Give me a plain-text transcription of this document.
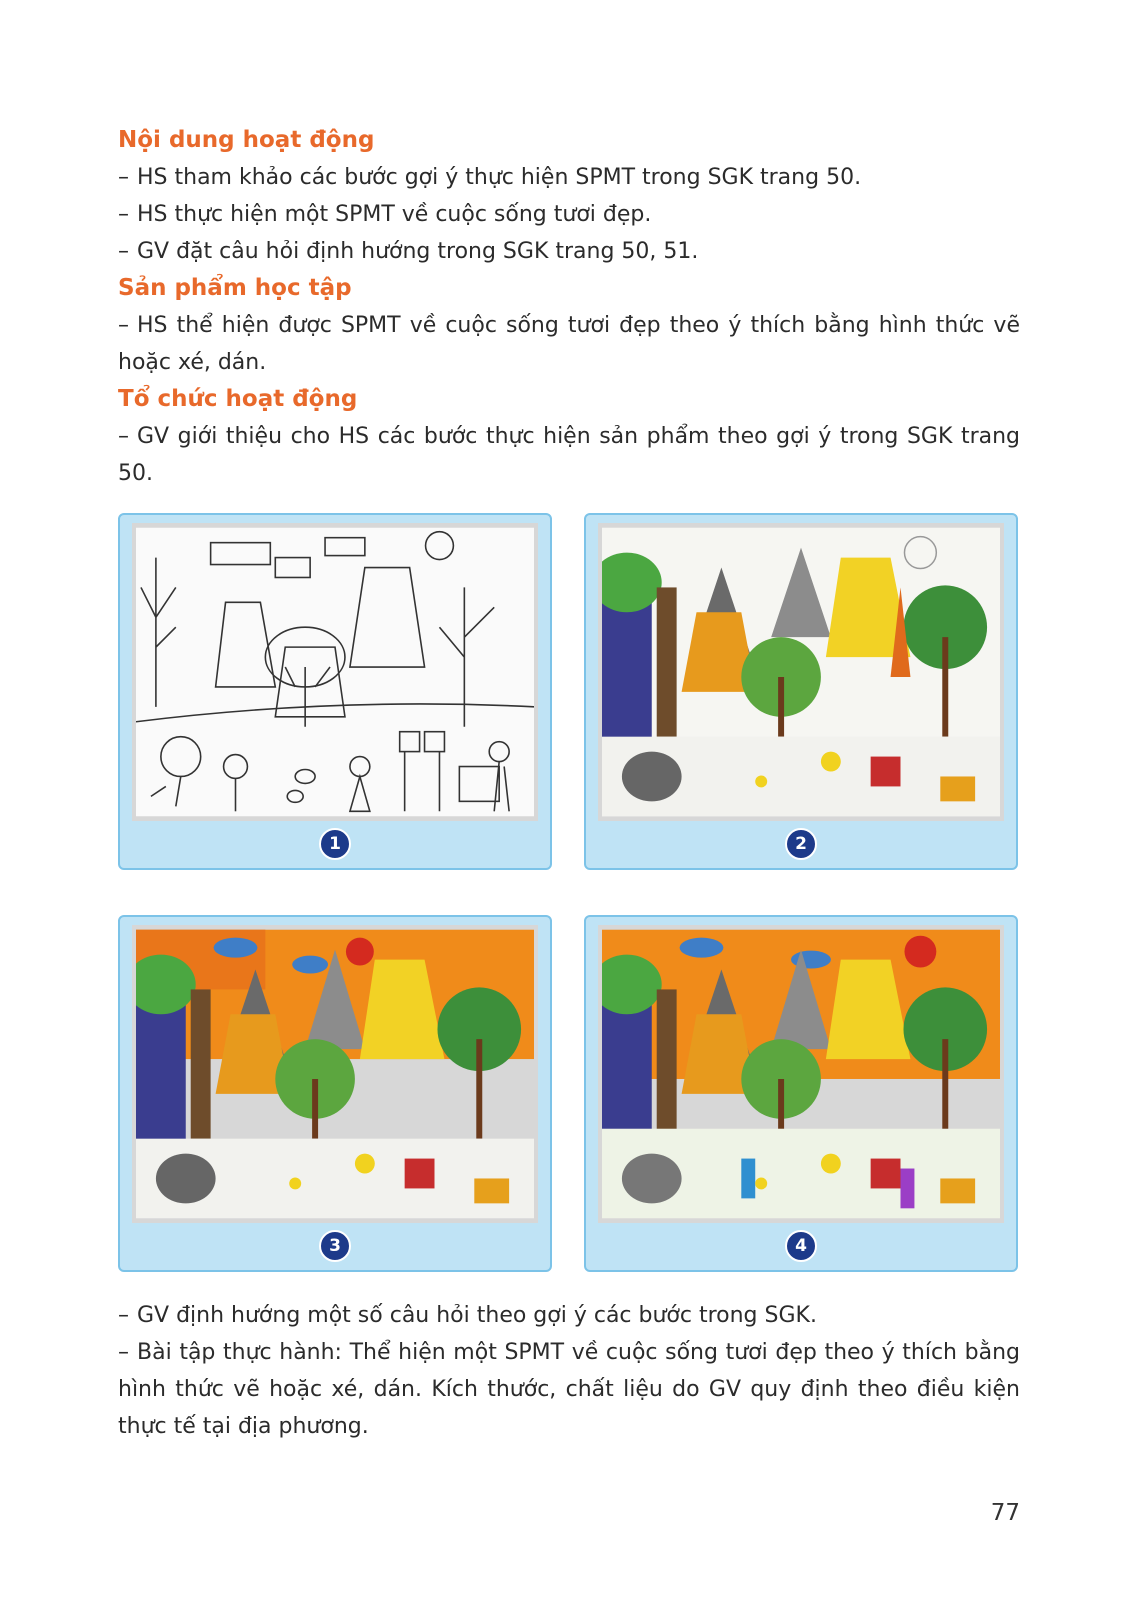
Nội dung hoạt động

– HS tham khảo các bước gợi ý thực hiện SPMT trong SGK trang 50.

– HS thực hiện một SPMT về cuộc sống tươi đẹp.

– GV đặt câu hỏi định hướng trong SGK trang 50, 51.

Sản phẩm học tập

– HS thể hiện được SPMT về cuộc sống tươi đẹp theo ý thích bằng hình thức vẽ hoặc xé, dán.

Tổ chức hoạt động

– GV giới thiệu cho HS các bước thực hiện sản phẩm theo gợi ý trong SGK trang 50.

1	2
3	4

– GV định hướng một số câu hỏi theo gợi ý các bước trong SGK.

– Bài tập thực hành: Thể hiện một SPMT về cuộc sống tươi đẹp theo ý thích bằng hình thức vẽ hoặc xé, dán. Kích thước, chất liệu do GV quy định theo điều kiện thực tế tại địa phương.

77
